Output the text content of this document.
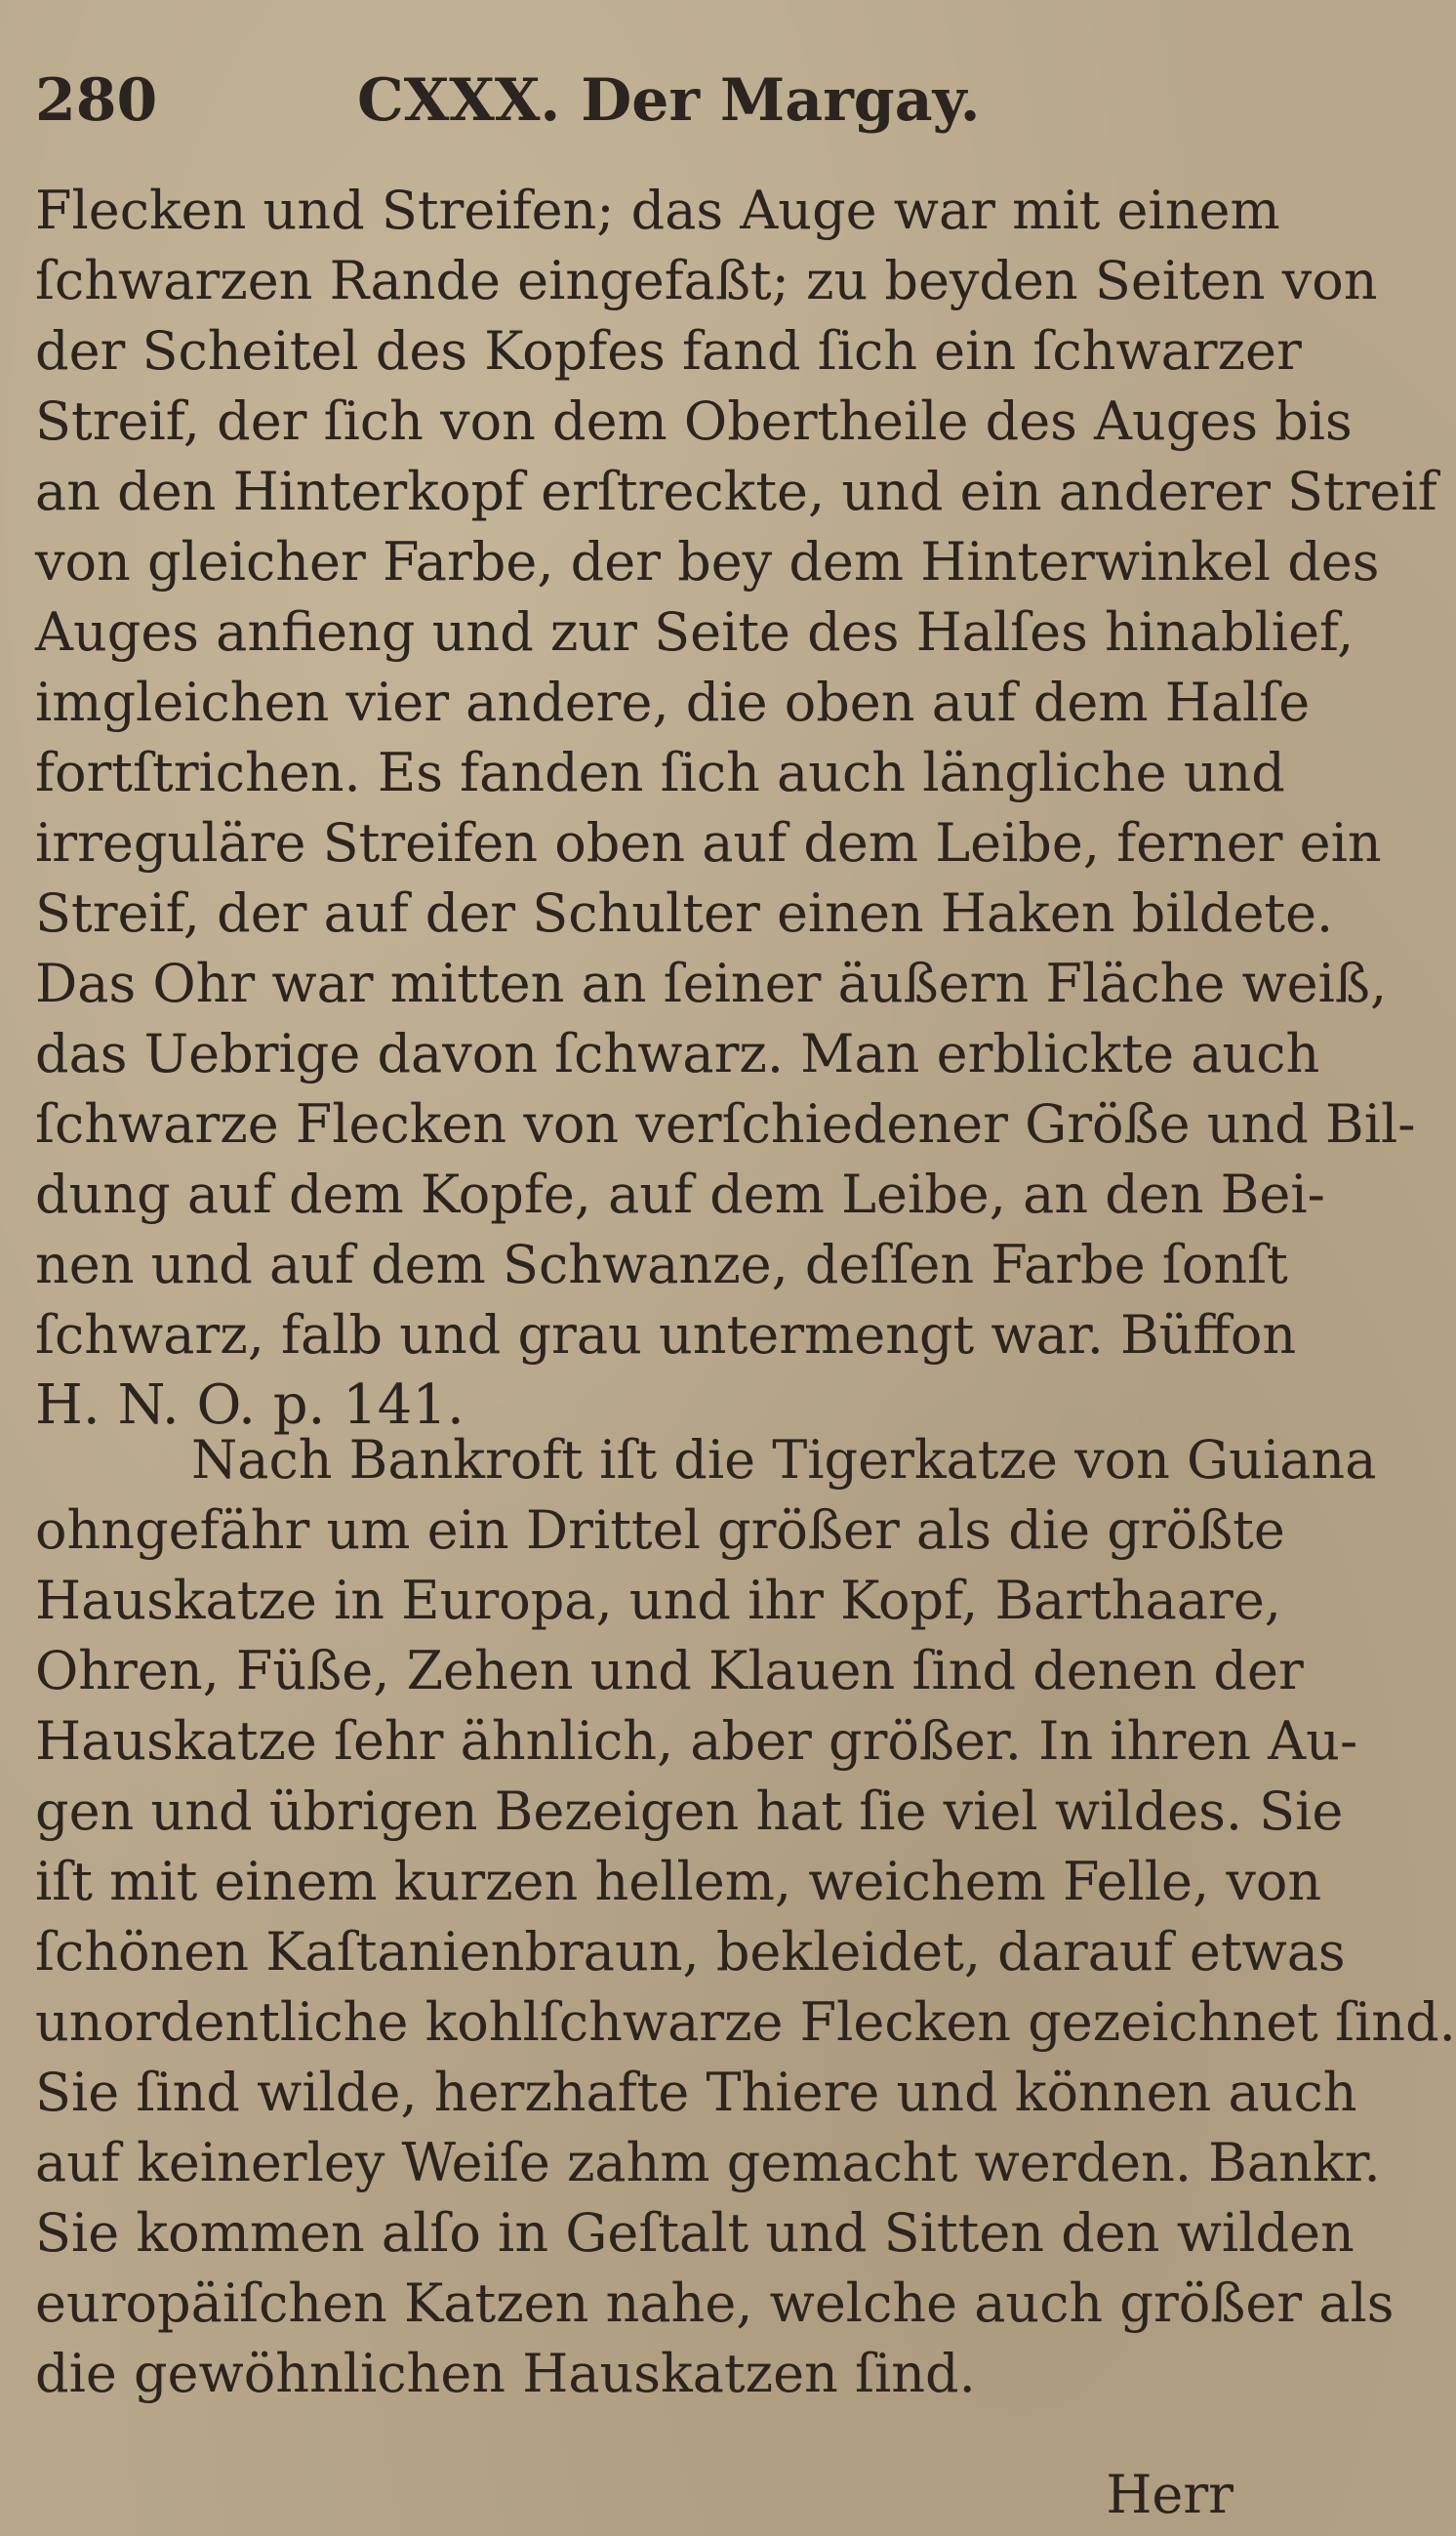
280	CXXX. Der Margay.
Flecken und Streifen; das Auge war mit einem
ſchwarzen Rande eingefaßt; zu beyden Seiten von
der Scheitel des Kopfes fand ſich ein ſchwarzer
Streif, der ſich von dem Obertheile des Auges bis
an den Hinterkopf erſtreckte, und ein anderer Streif
von gleicher Farbe, der bey dem Hinterwinkel des
Auges anfieng und zur Seite des Halſes hinablief,
imgleichen vier andere, die oben auf dem Halſe
fortſtrichen. Es fanden ſich auch längliche und
irreguläre Streifen oben auf dem Leibe, ferner ein
Streif, der auf der Schulter einen Haken bildete.
Das Ohr war mitten an ſeiner äußern Fläche weiß,
das Uebrige davon ſchwarz. Man erblickte auch
ſchwarze Flecken von verſchiedener Größe und Bil-
dung auf dem Kopfe, auf dem Leibe, an den Bei-
nen und auf dem Schwanze, deſſen Farbe ſonſt
ſchwarz, falb und grau untermengt war. Büffon
H. N. O. p. 141.
Nach Bankroft iſt die Tigerkatze von Guiana
ohngefähr um ein Drittel größer als die größte
Hauskatze in Europa, und ihr Kopf, Barthaare,
Ohren, Füße, Zehen und Klauen ſind denen der
Hauskatze ſehr ähnlich, aber größer. In ihren Au-
gen und übrigen Bezeigen hat ſie viel wildes. Sie
iſt mit einem kurzen hellem, weichem Felle, von
ſchönen Kaſtanienbraun, bekleidet, darauf etwas
unordentliche kohlſchwarze Flecken gezeichnet ſind.
Sie ſind wilde, herzhafte Thiere und können auch
auf keinerley Weiſe zahm gemacht werden. Bankr.
Sie kommen alſo in Geſtalt und Sitten den wilden
europäiſchen Katzen nahe, welche auch größer als
die gewöhnlichen Hauskatzen ſind.
Herr
